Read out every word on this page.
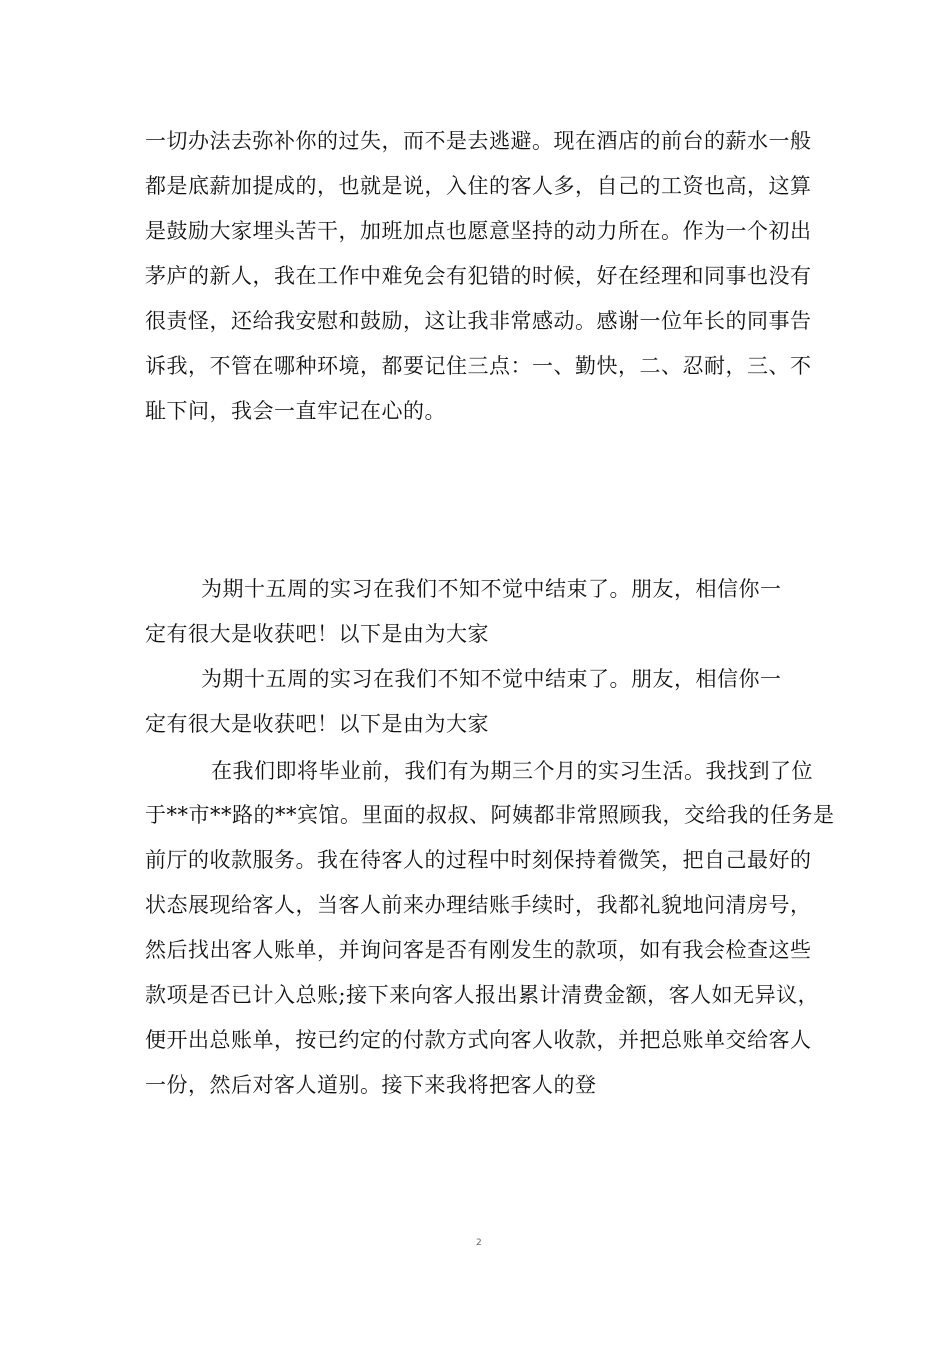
一切办法去弥补你的过失，而不是去逃避。现在酒店的前台的薪水一般
都是底薪加提成的，也就是说，入住的客人多，自己的工资也高，这算
是鼓励大家埋头苦干，加班加点也愿意坚持的动力所在。作为一个初出
茅庐的新人，我在工作中难免会有犯错的时候，好在经理和同事也没有
很责怪，还给我安慰和鼓励，这让我非常感动。感谢一位年长的同事告
诉我，不管在哪种环境，都要记住三点：一、勤快，二、忍耐，三、不
耻下问，我会一直牢记在心的。
为期十五周的实习在我们不知不觉中结束了。朋友，相信你一
定有很大是收获吧！以下是由为大家
为期十五周的实习在我们不知不觉中结束了。朋友，相信你一
定有很大是收获吧！以下是由为大家
在我们即将毕业前，我们有为期三个月的实习生活。我找到了位
于**市**路的**宾馆。里面的叔叔、阿姨都非常照顾我，交给我的任务是
前厅的收款服务。我在待客人的过程中时刻保持着微笑，把自己最好的
状态展现给客人，当客人前来办理结账手续时，我都礼貌地问清房号，
然后找出客人账单，并询问客是否有刚发生的款项，如有我会检查这些
款项是否已计入总账;接下来向客人报出累计清费金额，客人如无异议，
便开出总账单，按已约定的付款方式向客人收款，并把总账单交给客人
一份，然后对客人道别。接下来我将把客人的登
2
